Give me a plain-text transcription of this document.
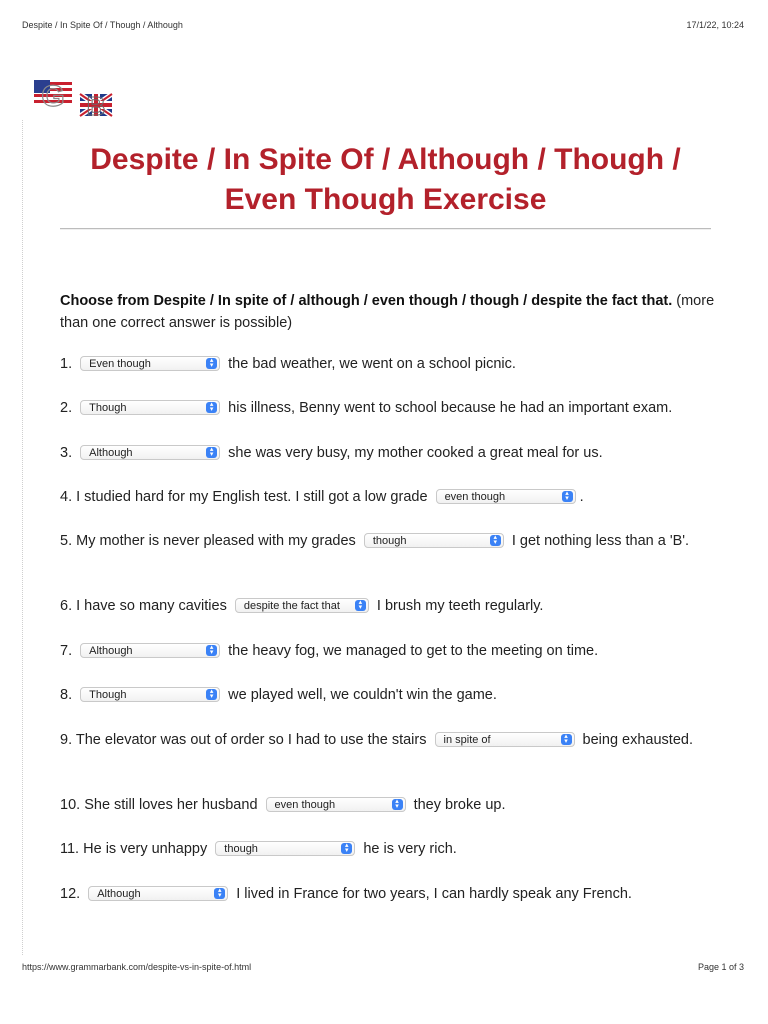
Despite / In Spite Of / Though / Although	17/1/22, 10:24
G B
Despite / In Spite Of / Although / Though / Even Though Exercise
Choose from Despite / In spite of / although / even though / though / despite the fact that. (more than one correct answer is possible)
1. Even though	▴
▾ the bad weather, we went on a school picnic.
2. Though	▴
▾ his illness, Benny went to school because he had an important exam.
3. Although	▴
▾ she was very busy, my mother cooked a great meal for us.
4. I studied hard for my English test. I still got a low grade even though	▴
▾ .
5. My mother is never pleased with my grades though	▴
▾ I get nothing less than a 'B'.
6. I have so many cavities despite the fact that	▴
▾ I brush my teeth regularly.
7. Although	▴
▾ the heavy fog, we managed to get to the meeting on time.
8. Though	▴
▾ we played well, we couldn't win the game.
9. The elevator was out of order so I had to use the stairs in spite of	▴
▾ being exhausted.
10. She still loves her husband even though	▴
▾ they broke up.
11. He is very unhappy though	▴
▾ he is very rich.
12. Although	▴
▾ I lived in France for two years, I can hardly speak any French.
https://www.grammarbank.com/despite-vs-in-spite-of.html	Page 1 of 3
